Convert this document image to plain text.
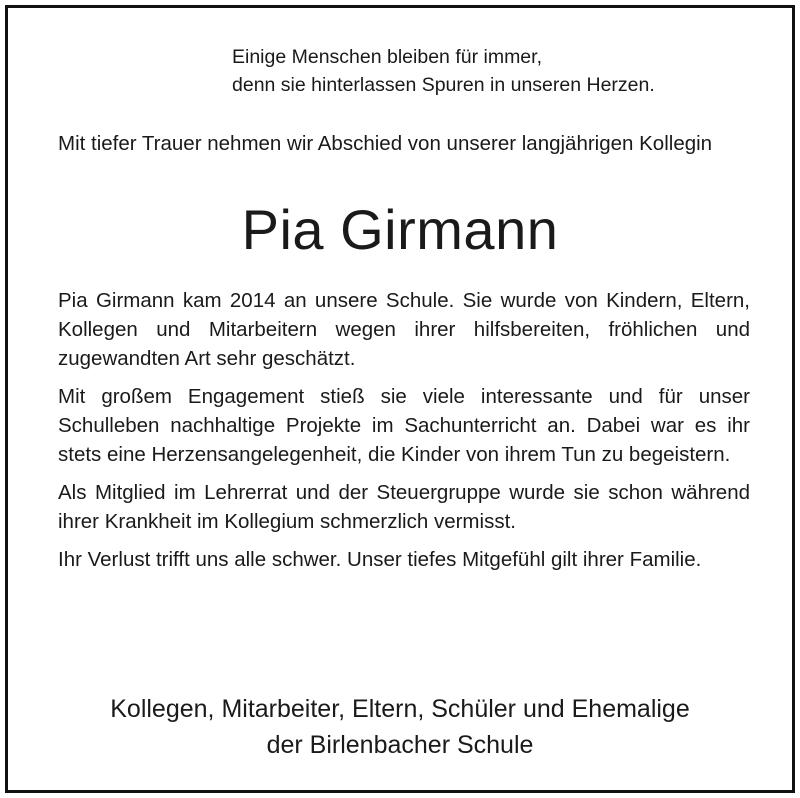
Einige Menschen bleiben für immer,
denn sie hinterlassen Spuren in unseren Herzen.
Mit tiefer Trauer nehmen wir Abschied von unserer langjährigen Kollegin
Pia Girmann

Pia Girmann kam 2014 an unsere Schule. Sie wurde von Kindern, Eltern, Kollegen und Mitarbeitern wegen ihrer hilfsbereiten, fröhlichen und zugewandten Art sehr geschätzt.

Mit großem Engagement stieß sie viele interessante und für unser Schulleben nachhaltige Projekte im Sachunterricht an. Dabei war es ihr stets eine Herzensangelegenheit, die Kinder von ihrem Tun zu begeistern.

Als Mitglied im Lehrerrat und der Steuergruppe wurde sie schon während ihrer Krankheit im Kollegium schmerzlich vermisst.

Ihr Verlust trifft uns alle schwer. Unser tiefes Mitgefühl gilt ihrer Familie.

Kollegen, Mitarbeiter, Eltern, Schüler und Ehemalige
der Birlenbacher Schule
